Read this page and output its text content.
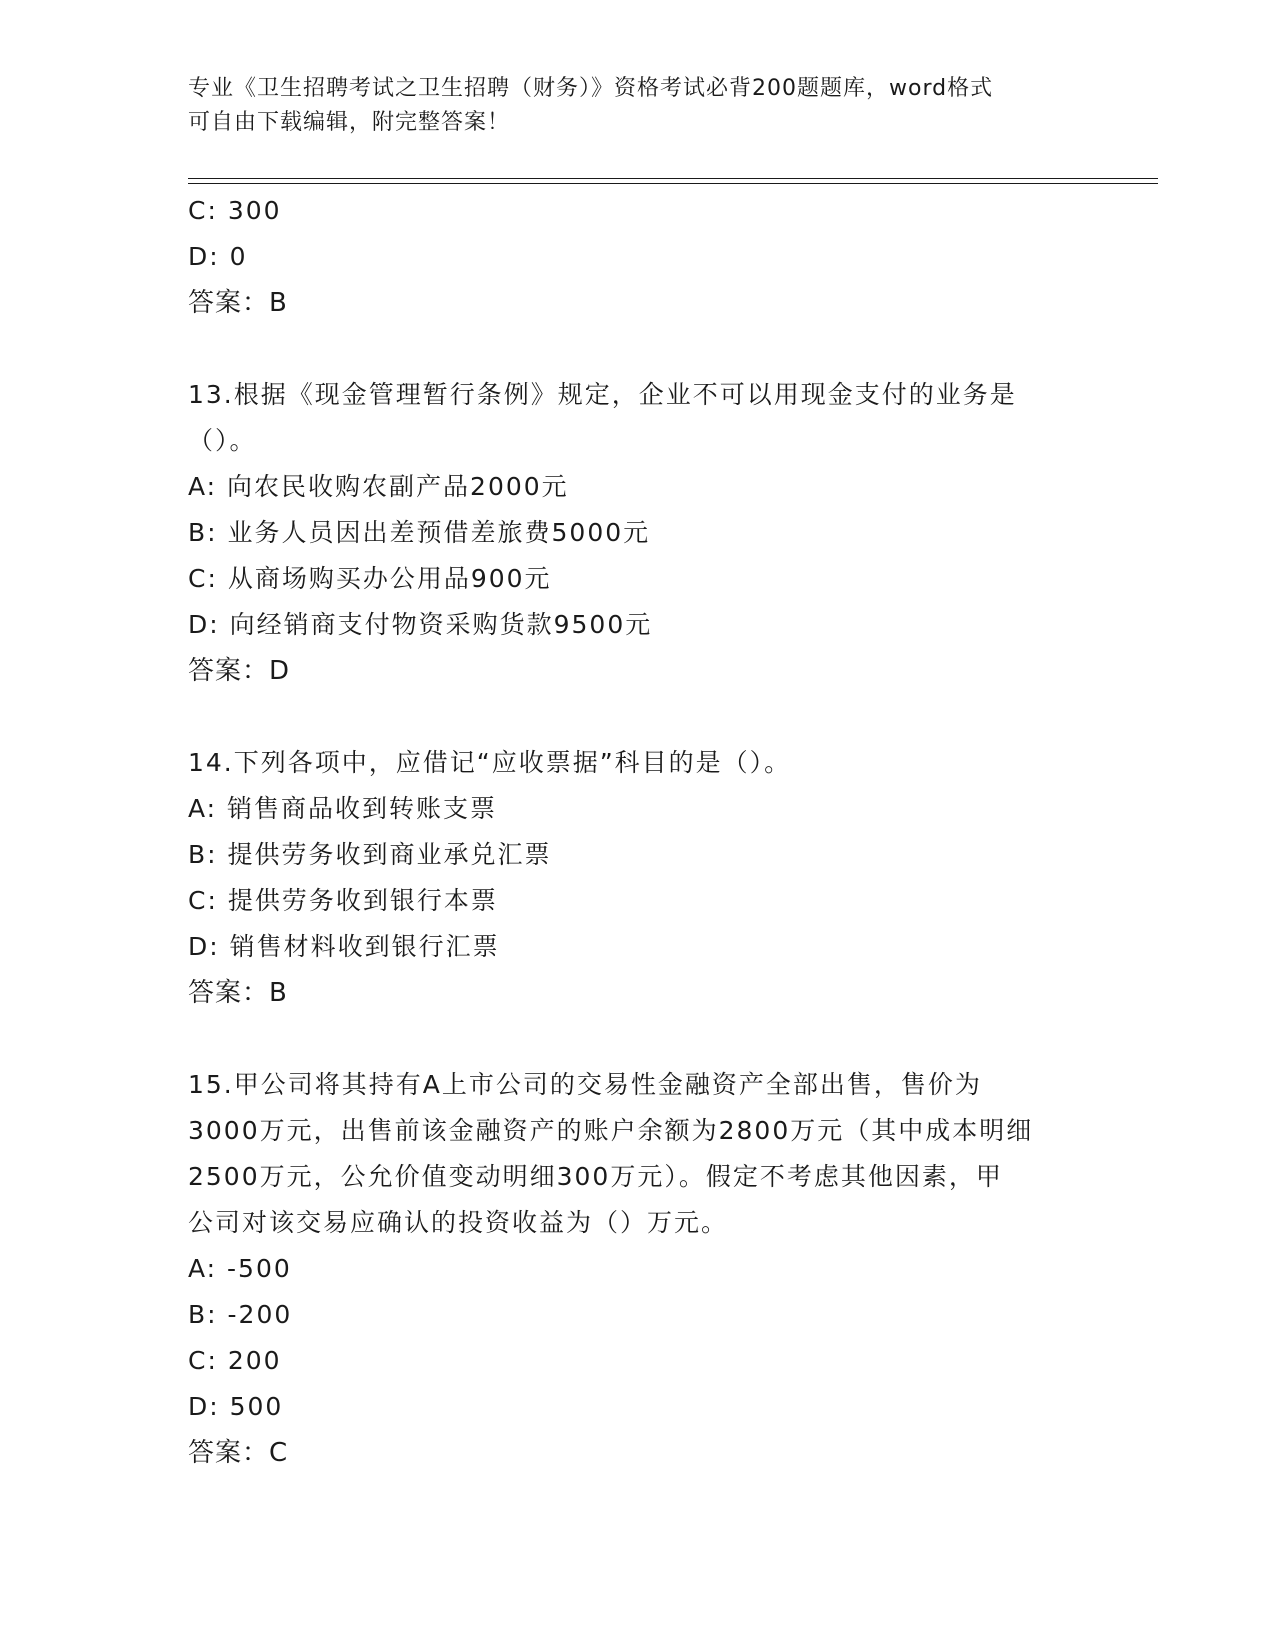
专业《卫生招聘考试之卫生招聘（财务）》资格考试必背200题题库，word格式
可自由下载编辑，附完整答案！
C: 300
D: 0
答案：B
13.根据《现金管理暂行条例》规定，企业不可以用现金支付的业务是
（）。
A: 向农民收购农副产品2000元
B: 业务人员因出差预借差旅费5000元
C: 从商场购买办公用品900元
D: 向经销商支付物资采购货款9500元
答案：D
14.下列各项中，应借记“应收票据”科目的是（）。
A: 销售商品收到转账支票
B: 提供劳务收到商业承兑汇票
C: 提供劳务收到银行本票
D: 销售材料收到银行汇票
答案：B
15.甲公司将其持有A上市公司的交易性金融资产全部出售，售价为
3000万元，出售前该金融资产的账户余额为2800万元（其中成本明细
2500万元，公允价值变动明细300万元）。假定不考虑其他因素，甲
公司对该交易应确认的投资收益为（）万元。
A: -500
B: -200
C: 200
D: 500
答案：C
